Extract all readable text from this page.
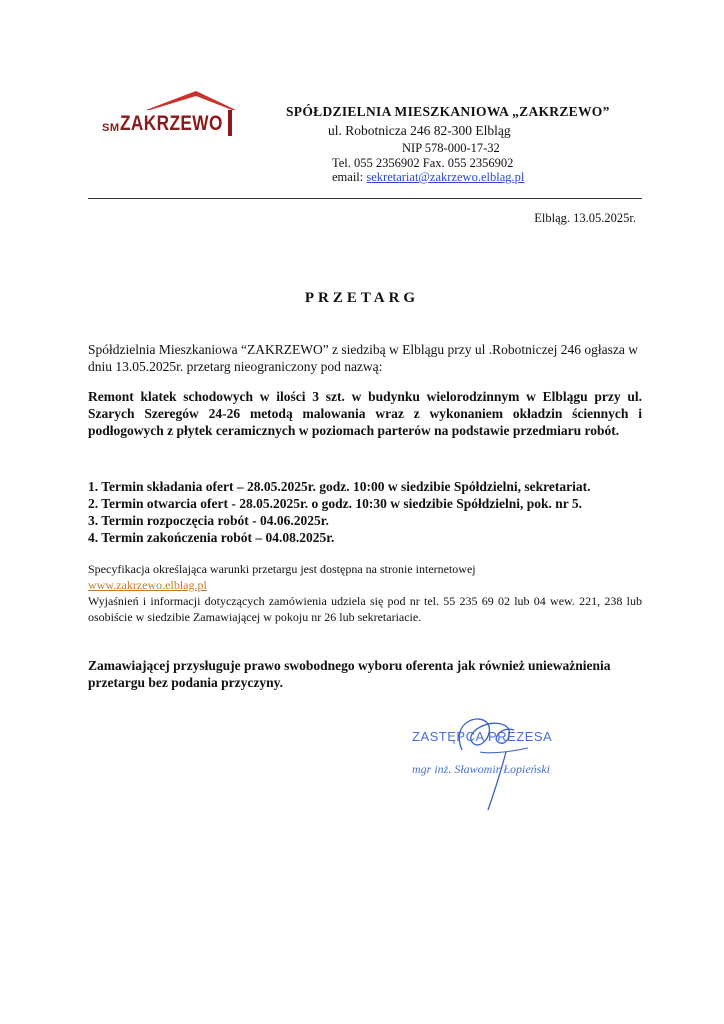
SM ZAKRZEWO
SPÓŁDZIELNIA MIESZKANIOWA „ZAKRZEWO”
ul. Robotnicza 246 82-300 Elbląg
NIP 578-000-17-32
Tel. 055 2356902 Fax. 055 2356902
email: sekretariat@zakrzewo.elblag.pl
Elbląg. 13.05.2025r.
PRZETARG
Spółdzielnia Mieszkaniowa “ZAKRZEWO” z siedzibą w Elblągu przy ul .Robotniczej 246 ogłasza w dniu 13.05.2025r. przetarg nieograniczony pod nazwą:
Remont klatek schodowych w ilości 3 szt. w budynku wielorodzinnym w Elblągu przy ul. Szarych Szeregów 24-26 metodą malowania wraz z wykonaniem okładzin ściennych i podłogowych z płytek ceramicznych w poziomach parterów na podstawie przedmiaru robót.
1. Termin składania ofert – 28.05.2025r. godz. 10:00 w siedzibie Spółdzielni, sekretariat.
2. Termin otwarcia ofert - 28.05.2025r. o godz. 10:30 w siedzibie Spółdzielni, pok. nr 5.
3. Termin rozpoczęcia robót - 04.06.2025r.
4. Termin zakończenia robót – 04.08.2025r.
Specyfikacja określająca warunki przetargu jest dostępna na stronie internetowej
www.zakrzewo.elblag.pl
Wyjaśnień i informacji dotyczących zamówienia udziela się pod nr tel. 55 235 69 02 lub 04 wew. 221, 238 lub osobiście w siedzibie Zamawiającej w pokoju nr 26 lub sekretariacie.
Zamawiającej przysługuje prawo swobodnego wyboru oferenta jak również unieważnienia przetargu bez podania przyczyny.
ZASTĘPCA PREZESA
mgr inż. Sławomir Łopieński
